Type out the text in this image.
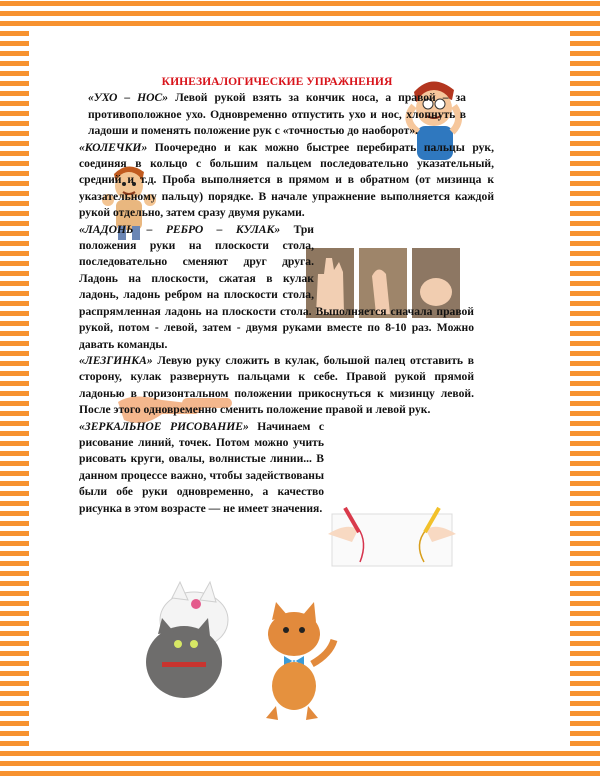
КИНЕЗИАЛОГИЧЕСКИЕ УПРАЖНЕНИЯ

«УХО – НОС» Левой рукой взять за кончик носа, а правой – за противоположное ухо. Одновременно отпустить ухо и нос, хлопнуть в ладоши и поменять положение рук с «точностью до наоборот».

«КОЛЕЧКИ» Поочередно и как можно быстрее перебирать пальцы рук, соединяя в кольцо с большим пальцем последовательно указательный, средний и т.д. Проба выполняется в прямом и в обратном (от мизинца к указательному пальцу) порядке. В начале упражнение выполняется каждой рукой отдельно, затем сразу двумя руками.

«ЛАДОНЬ – РЕБРО – КУЛАК» Три положения руки на плоскости стола, последовательно сменяют друг друга. Ладонь на плоскости, сжатая в кулак ладонь, ладонь ребром на плоскости стола, распрямленная ладонь на плоскости стола. Выполняется сначала правой рукой, потом - левой, затем - двумя руками вместе по 8-10 раз. Можно давать команды.

«ЛЕЗГИНКА» Левую руку сложить в кулак, большой палец отставить в сторону, кулак развернуть пальцами к себе. Правой рукой прямой ладонью в горизонтальном положении прикоснуться к мизинцу левой. После этого одновременно сменить положение правой и левой рук.

«ЗЕРКАЛЬНОЕ РИСОВАНИЕ» Начинаем с рисование линий, точек. Потом можно учить рисовать круги, овалы, волнистые линии... В данном процессе важно, чтобы задействованы были обе руки одновременно, а качество рисунка в этом возрасте — не имеет значения.
